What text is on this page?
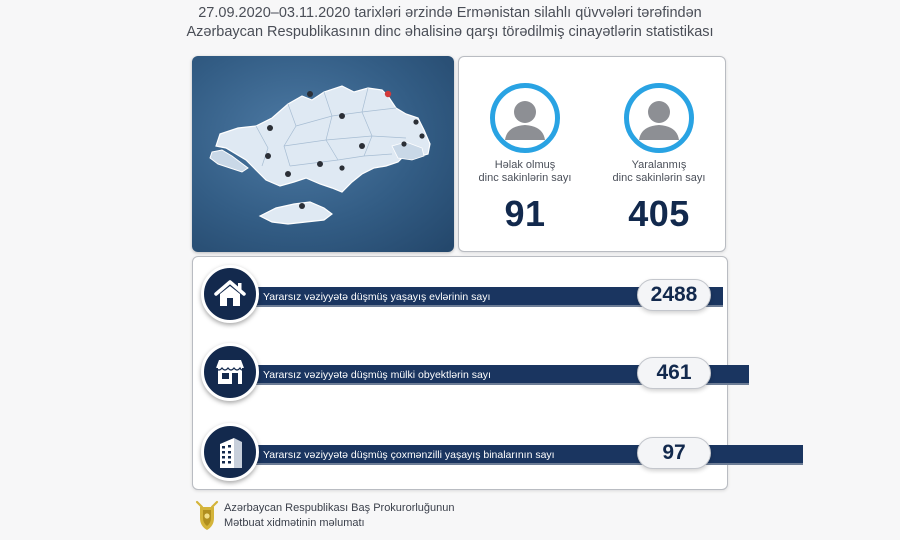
27.09.2020–03.11.2020 tarixləri ərzində Ermənistan silahlı qüvvələri tərəfindən
Azərbaycan Respublikasının dinc əhalisinə qarşı törədilmiş cinayətlərin statistikası
Həlak olmuş
dinc sakinlərin sayı
91
Yaralanmış
dinc sakinlərin sayı
405
Yararsız vəziyyətə düşmüş yaşayış evlərinin sayı	2488
Yararsız vəziyyətə düşmüş mülki obyektlərin sayı	461
Yararsız vəziyyətə düşmüş çoxmənzilli yaşayış binalarının sayı	97
Azərbaycan Respublikası Baş Prokurorluğunun
Mətbuat xidmətinin məlumatı
